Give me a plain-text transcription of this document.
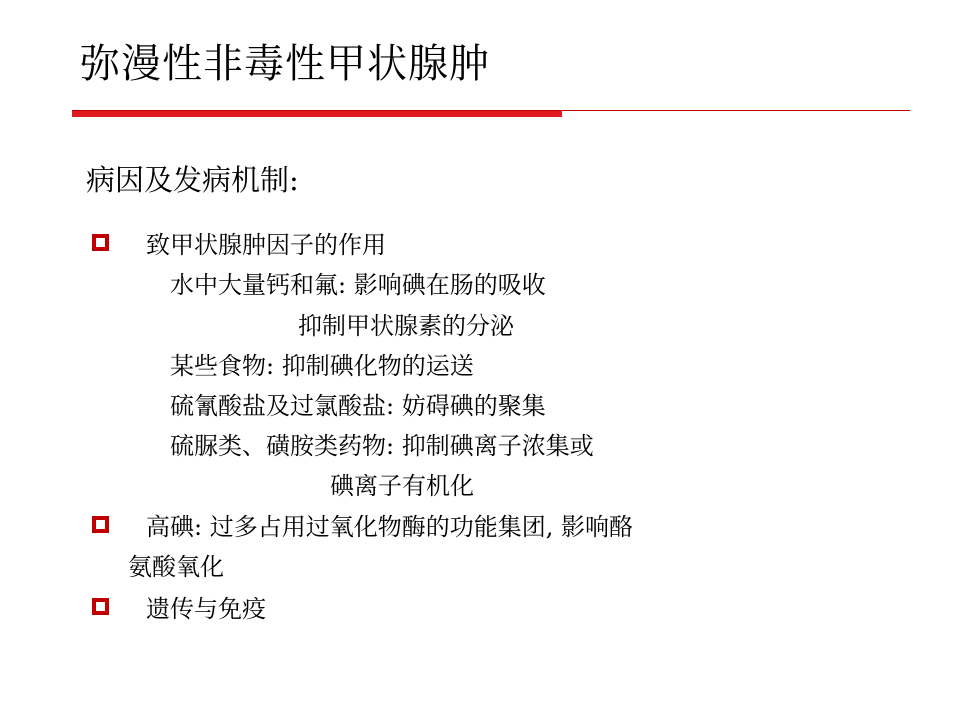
弥漫性非毒性甲状腺肿
病因及发病机制:
致甲状腺肿因子的作用
水中大量钙和氟: 影响碘在肠的吸收
抑制甲状腺素的分泌
某些食物: 抑制碘化物的运送
硫氰酸盐及过氯酸盐: 妨碍碘的聚集
硫脲类、磺胺类药物: 抑制碘离子浓集或
碘离子有机化
高碘: 过多占用过氧化物酶的功能集团, 影响酪
氨酸氧化
遗传与免疫
